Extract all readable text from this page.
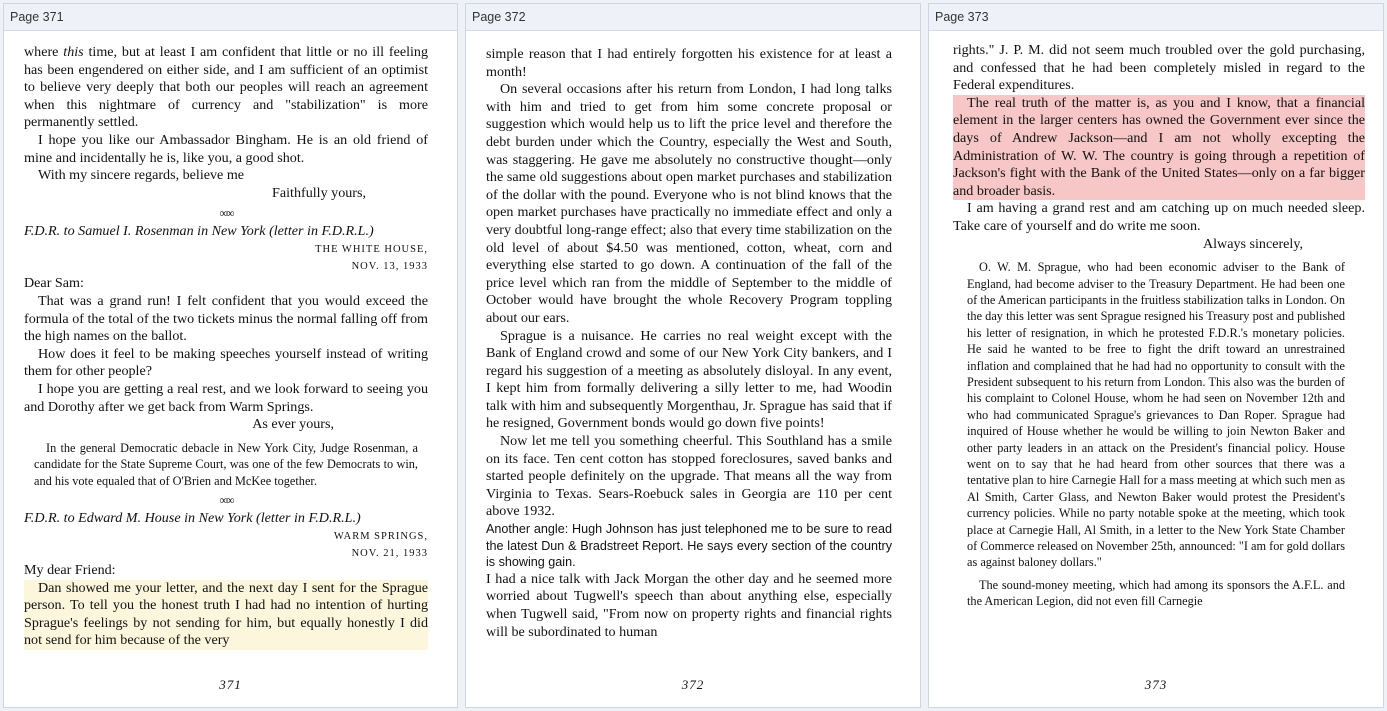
Page 371

where this time, but at least I am confident that little or no ill feeling has been engendered on either side, and I am sufficient of an optimist to believe very deeply that both our peoples will reach an agreement when this nightmare of currency and "stabilization" is more permanently settled.

I hope you like our Ambassador Bingham. He is an old friend of mine and incidentally he is, like you, a good shot.

With my sincere regards, believe me

Faithfully yours,

∞∞

F.D.R. to Samuel I. Rosenman in New York (letter in F.D.R.L.)

THE WHITE HOUSE,

NOV. 13, 1933

Dear Sam:

That was a grand run! I felt confident that you would exceed the formula of the total of the two tickets minus the normal falling off from the high names on the ballot.

How does it feel to be making speeches yourself instead of writing them for other people?

I hope you are getting a real rest, and we look forward to seeing you and Dorothy after we get back from Warm Springs.

As ever yours,

In the general Democratic debacle in New York City, Judge Rosenman, a candidate for the State Supreme Court, was one of the few Democrats to win, and his vote equaled that of O'Brien and McKee together.

∞∞

F.D.R. to Edward M. House in New York (letter in F.D.R.L.)

WARM SPRINGS,

NOV. 21, 1933

My dear Friend:

Dan showed me your letter, and the next day I sent for the Sprague person. To tell you the honest truth I had had no intention of hurting Sprague's feelings by not sending for him, but equally honestly I did not send for him because of the very

371
Page 372

simple reason that I had entirely forgotten his existence for at least a month!

On several occasions after his return from London, I had long talks with him and tried to get from him some concrete proposal or suggestion which would help us to lift the price level and therefore the debt burden under which the Country, especially the West and South, was staggering. He gave me absolutely no constructive thought—only the same old suggestions about open market purchases and stabilization of the dollar with the pound. Everyone who is not blind knows that the open market purchases have practically no immediate effect and only a very doubtful long-range effect; also that every time stabilization on the old level of about $4.50 was mentioned, cotton, wheat, corn and everything else started to go down. A continuation of the fall of the price level which ran from the middle of September to the middle of October would have brought the whole Recovery Program toppling about our ears.

Sprague is a nuisance. He carries no real weight except with the Bank of England crowd and some of our New York City bankers, and I regard his suggestion of a meeting as absolutely disloyal. In any event, I kept him from formally delivering a silly letter to me, had Woodin talk with him and subsequently Morgenthau, Jr. Sprague has said that if he resigned, Government bonds would go down five points!

Now let me tell you something cheerful. This Southland has a smile on its face. Ten cent cotton has stopped foreclosures, saved banks and started people definitely on the upgrade. That means all the way from Virginia to Texas. Sears-Roebuck sales in Georgia are 110 per cent above 1932.

Another angle: Hugh Johnson has just telephoned me to be sure to read the latest Dun & Bradstreet Report. He says every section of the country is showing gain.

I had a nice talk with Jack Morgan the other day and he seemed more worried about Tugwell's speech than about anything else, especially when Tugwell said, "From now on property rights and financial rights will be subordinated to human

372
Page 373

rights." J. P. M. did not seem much troubled over the gold purchasing, and confessed that he had been completely misled in regard to the Federal expenditures.

The real truth of the matter is, as you and I know, that a financial element in the larger centers has owned the Government ever since the days of Andrew Jackson—and I am not wholly excepting the Administration of W. W. The country is going through a repetition of Jackson's fight with the Bank of the United States—only on a far bigger and broader basis.

I am having a grand rest and am catching up on much needed sleep. Take care of yourself and do write me soon.

Always sincerely,

O. W. M. Sprague, who had been economic adviser to the Bank of England, had become adviser to the Treasury Department. He had been one of the American participants in the fruitless stabilization talks in London. On the day this letter was sent Sprague resigned his Treasury post and published his letter of resignation, in which he protested F.D.R.'s monetary policies. He said he wanted to be free to fight the drift toward an unrestrained inflation and complained that he had had no opportunity to consult with the President subsequent to his return from London. This also was the burden of his complaint to Colonel House, whom he had seen on November 12th and who had communicated Sprague's grievances to Dan Roper. Sprague had inquired of House whether he would be willing to join Newton Baker and other party leaders in an attack on the President's financial policy. House went on to say that he had heard from other sources that there was a tentative plan to hire Carnegie Hall for a mass meeting at which such men as Al Smith, Carter Glass, and Newton Baker would protest the President's currency policies. While no party notable spoke at the meeting, which took place at Carnegie Hall, Al Smith, in a letter to the New York State Chamber of Commerce released on November 25th, announced: "I am for gold dollars as against baloney dollars."

The sound-money meeting, which had among its sponsors the A.F.L. and the American Legion, did not even fill Carnegie

373
